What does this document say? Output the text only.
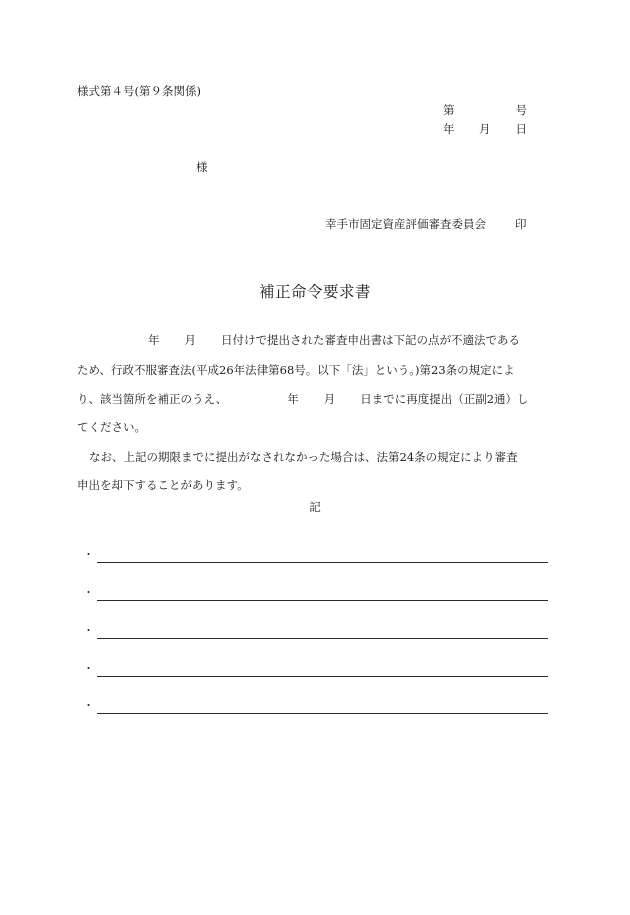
様式第４号(第９条関係)
第	号
年 月 日
様
幸手市固定資産評価審査委員会	印
補正命令要求書
年 月 日付けで提出された審査申出書は下記の点が不適法である
ため、行政不服審査法(平成26年法律第68号。以下「法」という。)第23条の規定によ
り、該当箇所を補正のうえ、	年 月 日までに再度提出（正副2通）し
てください。
なお、上記の期限までに提出がなされなかった場合は、法第24条の規定により審査
申出を却下することがあります。
記
・
・
・
・
・
